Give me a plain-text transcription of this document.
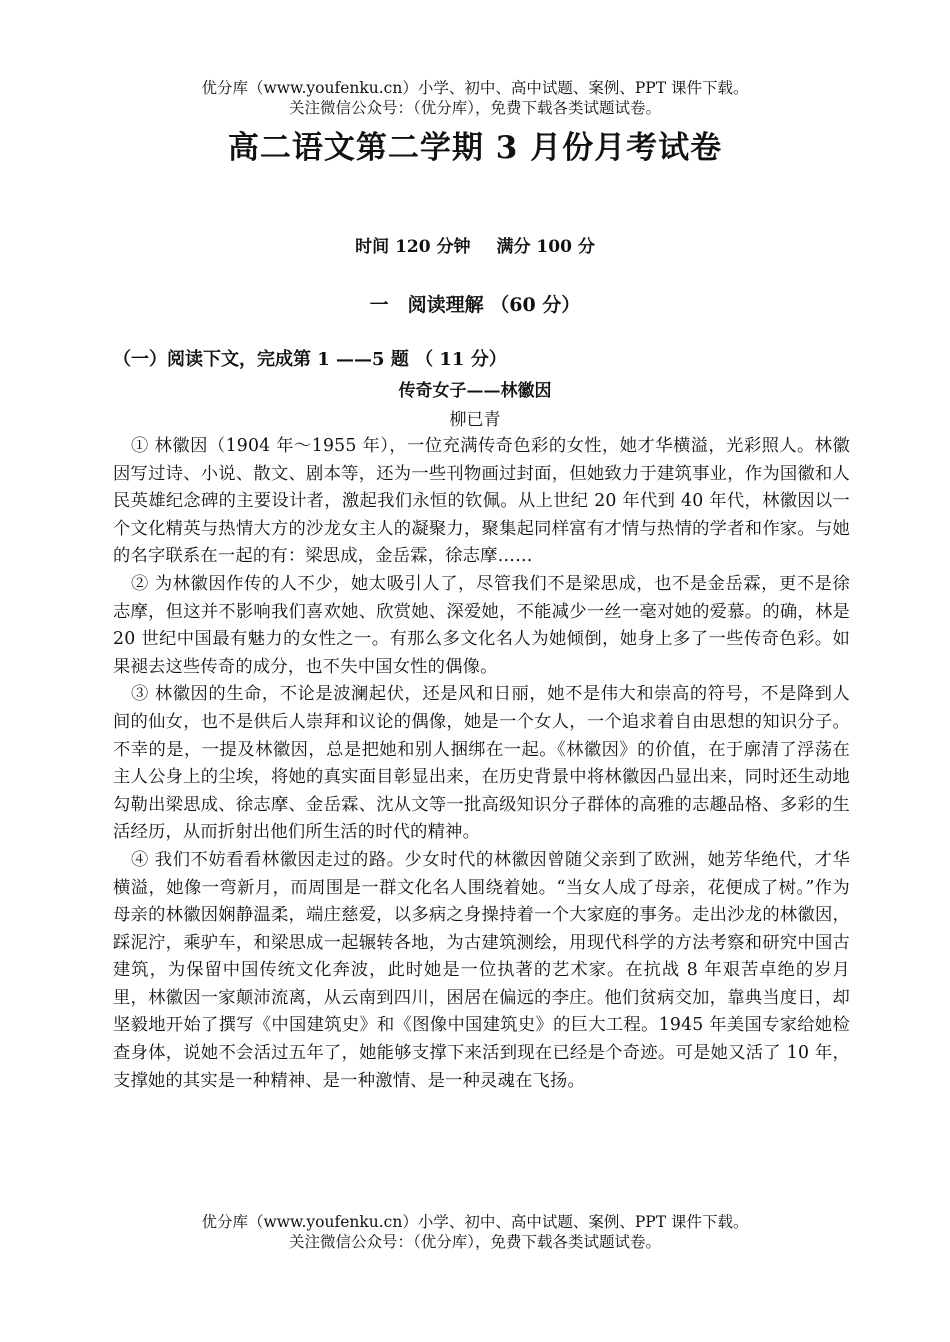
优分库（www.youfenku.cn）小学、初中、高中试题、案例、PPT 课件下载。
关注微信公众号：（优分库），免费下载各类试题试卷。
高二语文第二学期 3 月份月考试卷
时间 120 分钟 满分 100 分
一　阅读理解 （60 分）
（一）阅读下文，完成第 1 ——5 题 （ 11 分）
传奇女子——林徽因
柳已青

① 林徽因（1904 年～1955 年），一位充满传奇色彩的女性，她才华横溢，光彩照人。林徽因写过诗、小说、散文、剧本等，还为一些刊物画过封面，但她致力于建筑事业，作为国徽和人民英雄纪念碑的主要设计者，激起我们永恒的钦佩。从上世纪 20 年代到 40 年代，林徽因以一个文化精英与热情大方的沙龙女主人的凝聚力，聚集起同样富有才情与热情的学者和作家。与她的名字联系在一起的有：梁思成，金岳霖，徐志摩……

② 为林徽因作传的人不少，她太吸引人了，尽管我们不是梁思成，也不是金岳霖，更不是徐志摩，但这并不影响我们喜欢她、欣赏她、深爱她，不能减少一丝一毫对她的爱慕。的确，林是 20 世纪中国最有魅力的女性之一。有那么多文化名人为她倾倒，她身上多了一些传奇色彩。如果褪去这些传奇的成分，也不失中国女性的偶像。

③ 林徽因的生命，不论是波澜起伏，还是风和日丽，她不是伟大和崇高的符号，不是降到人间的仙女，也不是供后人崇拜和议论的偶像，她是一个女人，一个追求着自由思想的知识分子。不幸的是，一提及林徽因，总是把她和别人捆绑在一起。《林徽因》的价值，在于廓清了浮荡在主人公身上的尘埃，将她的真实面目彰显出来，在历史背景中将林徽因凸显出来，同时还生动地勾勒出梁思成、徐志摩、金岳霖、沈从文等一批高级知识分子群体的高雅的志趣品格、多彩的生活经历，从而折射出他们所生活的时代的精神。

④ 我们不妨看看林徽因走过的路。少女时代的林徽因曾随父亲到了欧洲，她芳华绝代，才华横溢，她像一弯新月，而周围是一群文化名人围绕着她。“当女人成了母亲，花便成了树。”作为母亲的林徽因娴静温柔，端庄慈爱，以多病之身操持着一个大家庭的事务。走出沙龙的林徽因，踩泥泞，乘驴车，和梁思成一起辗转各地，为古建筑测绘，用现代科学的方法考察和研究中国古建筑，为保留中国传统文化奔波，此时她是一位执著的艺术家。在抗战 8 年艰苦卓绝的岁月里，林徽因一家颠沛流离，从云南到四川，困居在偏远的李庄。他们贫病交加，靠典当度日，却坚毅地开始了撰写《中国建筑史》和《图像中国建筑史》的巨大工程。1945 年美国专家给她检查身体，说她不会活过五年了，她能够支撑下来活到现在已经是个奇迹。可是她又活了 10 年，支撑她的其实是一种精神、是一种激情、是一种灵魂在飞扬。

优分库（www.youfenku.cn）小学、初中、高中试题、案例、PPT 课件下载。
关注微信公众号：（优分库），免费下载各类试题试卷。
